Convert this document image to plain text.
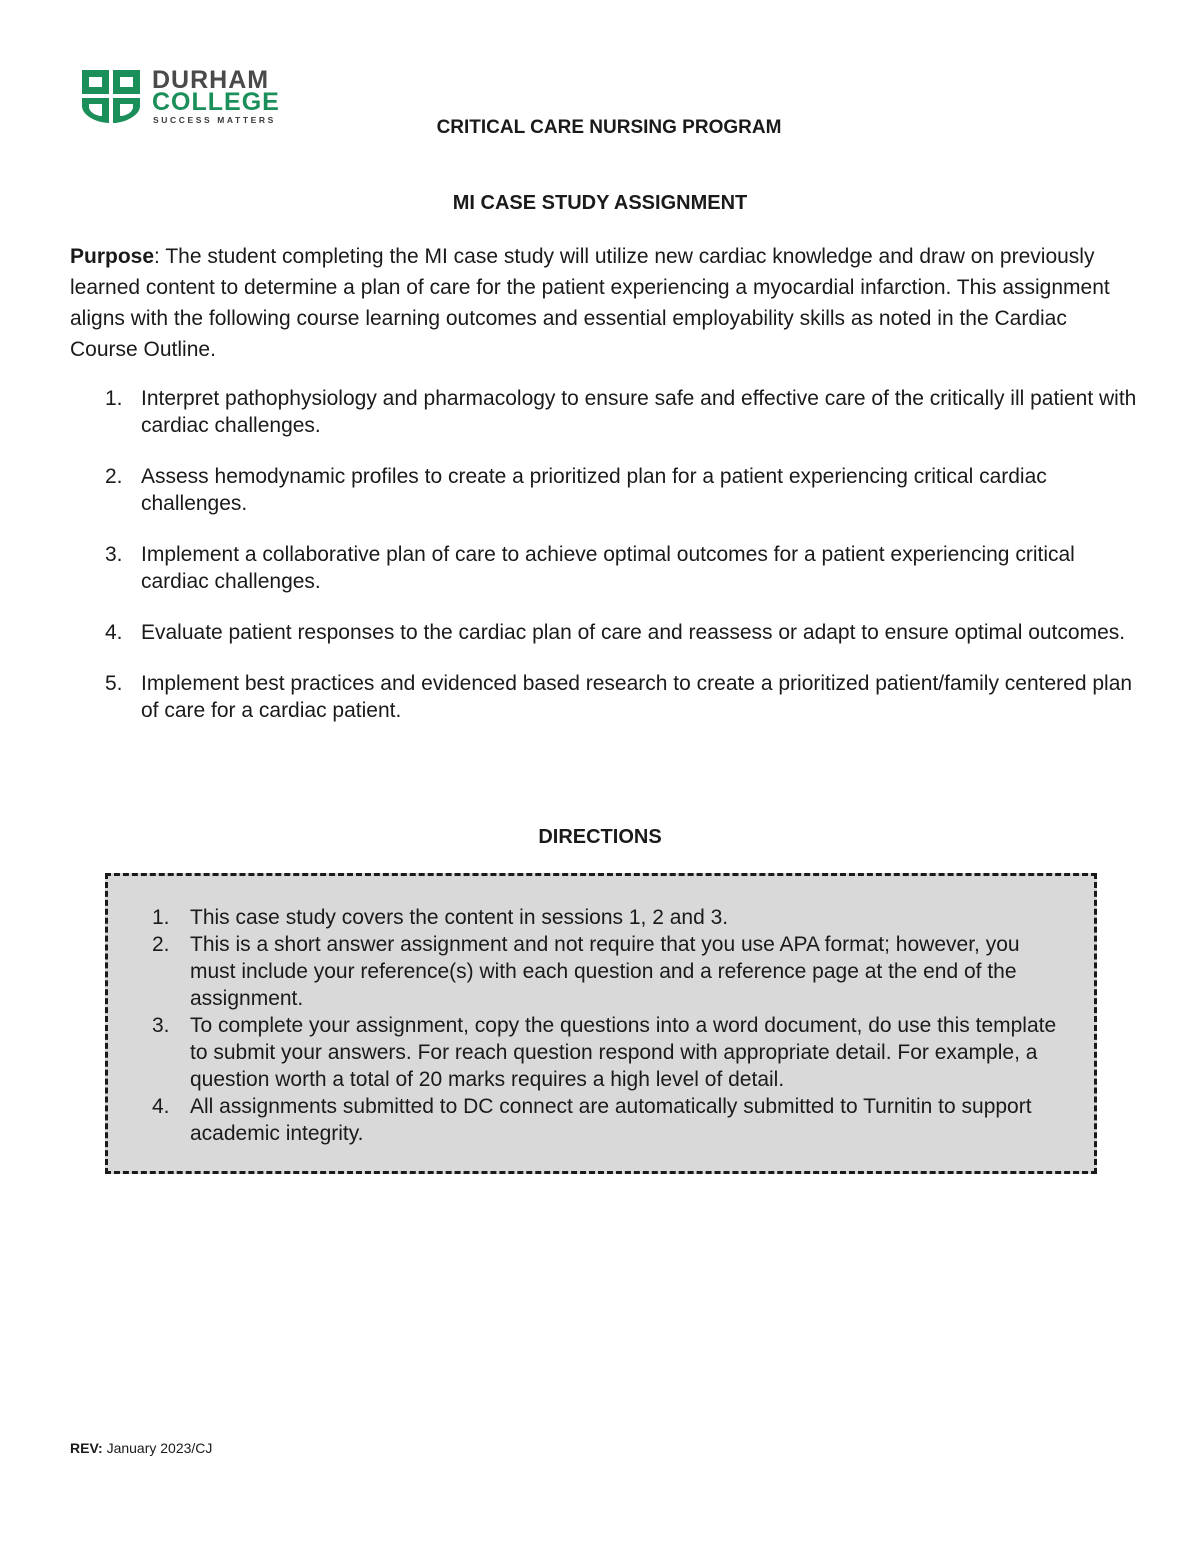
DURHAM
COLLEGE
SUCCESS MATTERS	CRITICAL CARE NURSING PROGRAM
MI CASE STUDY ASSIGNMENT
Purpose: The student completing the MI case study will utilize new cardiac knowledge and draw on previously learned content to determine a plan of care for the patient experiencing a myocardial infarction. This assignment aligns with the following course learning outcomes and essential employability skills as noted in the Cardiac Course Outline.
1. Interpret pathophysiology and pharmacology to ensure safe and effective care of the critically ill patient with cardiac challenges.
2. Assess hemodynamic profiles to create a prioritized plan for a patient experiencing critical cardiac challenges.
3. Implement a collaborative plan of care to achieve optimal outcomes for a patient experiencing critical cardiac challenges.
4. Evaluate patient responses to the cardiac plan of care and reassess or adapt to ensure optimal outcomes.
5. Implement best practices and evidenced based research to create a prioritized patient/family centered plan of care for a cardiac patient.
DIRECTIONS
1. This case study covers the content in sessions 1, 2 and 3.
2. This is a short answer assignment and not require that you use APA format; however, you must include your reference(s) with each question and a reference page at the end of the assignment.
3. To complete your assignment, copy the questions into a word document, do use this template to submit your answers. For reach question respond with appropriate detail. For example, a question worth a total of 20 marks requires a high level of detail.
4. All assignments submitted to DC connect are automatically submitted to Turnitin to support academic integrity.
REV: January 2023/CJ
